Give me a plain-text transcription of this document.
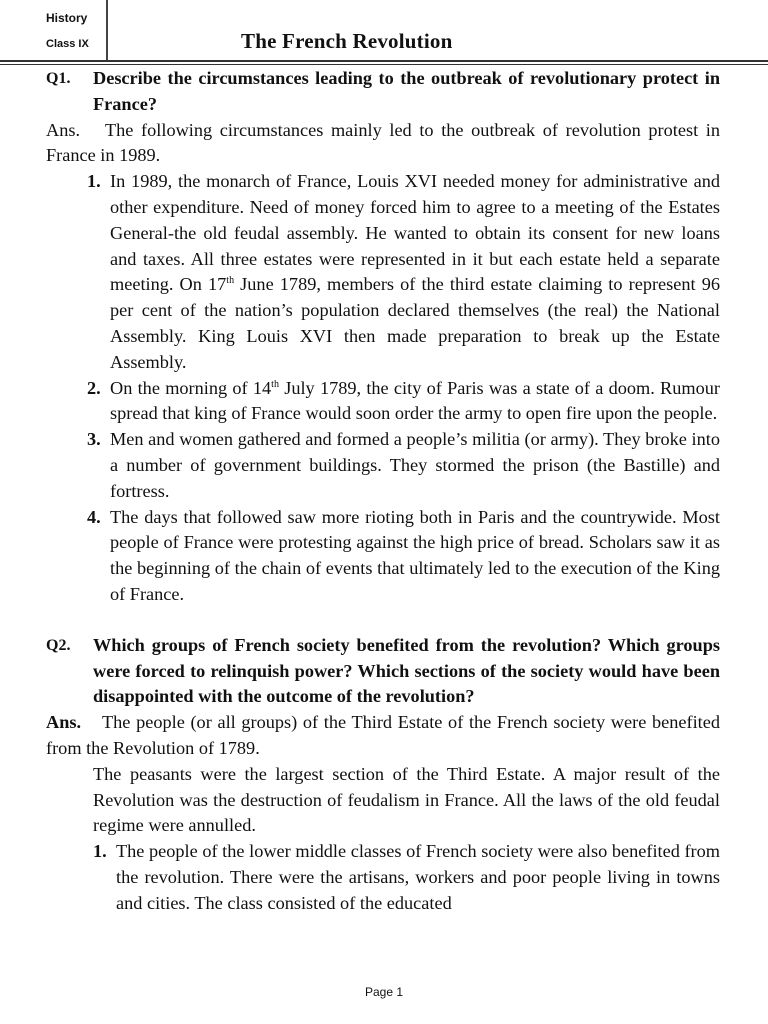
History
Class IX	The French Revolution
Q1. Describe the circumstances leading to the outbreak of revolutionary protect in France?
Ans.	The following circumstances mainly led to the outbreak of revolution protest in France in 1989.
1. In 1989, the monarch of France, Louis XVI needed money for administrative and other expenditure. Need of money forced him to agree to a meeting of the Estates General-the old feudal assembly. He wanted to obtain its consent for new loans and taxes. All three estates were represented in it but each estate held a separate meeting. On 17th June 1789, members of the third estate claiming to represent 96 per cent of the nation’s population declared themselves (the real) the National Assembly. King Louis XVI then made preparation to break up the Estate Assembly.
2. On the morning of 14th July 1789, the city of Paris was a state of a doom. Rumour spread that king of France would soon order the army to open fire upon the people.
3. Men and women gathered and formed a people’s militia (or army). They broke into a number of government buildings. They stormed the prison (the Bastille) and fortress.
4. The days that followed saw more rioting both in Paris and the countrywide. Most people of France were protesting against the high price of bread. Scholars saw it as the beginning of the chain of events that ultimately led to the execution of the King of France.
Q2. Which groups of French society benefited from the revolution? Which groups were forced to relinquish power? Which sections of the society would have been disappointed with the outcome of the revolution?
Ans.	The people (or all groups) of the Third Estate of the French society were benefited from the Revolution of 1789.
The peasants were the largest section of the Third Estate. A major result of the Revolution was the destruction of feudalism in France. All the laws of the old feudal regime were annulled.
1. The people of the lower middle classes of French society were also benefited from the revolution. There were the artisans, workers and poor people living in towns and cities. The class consisted of the educated
Page 1
